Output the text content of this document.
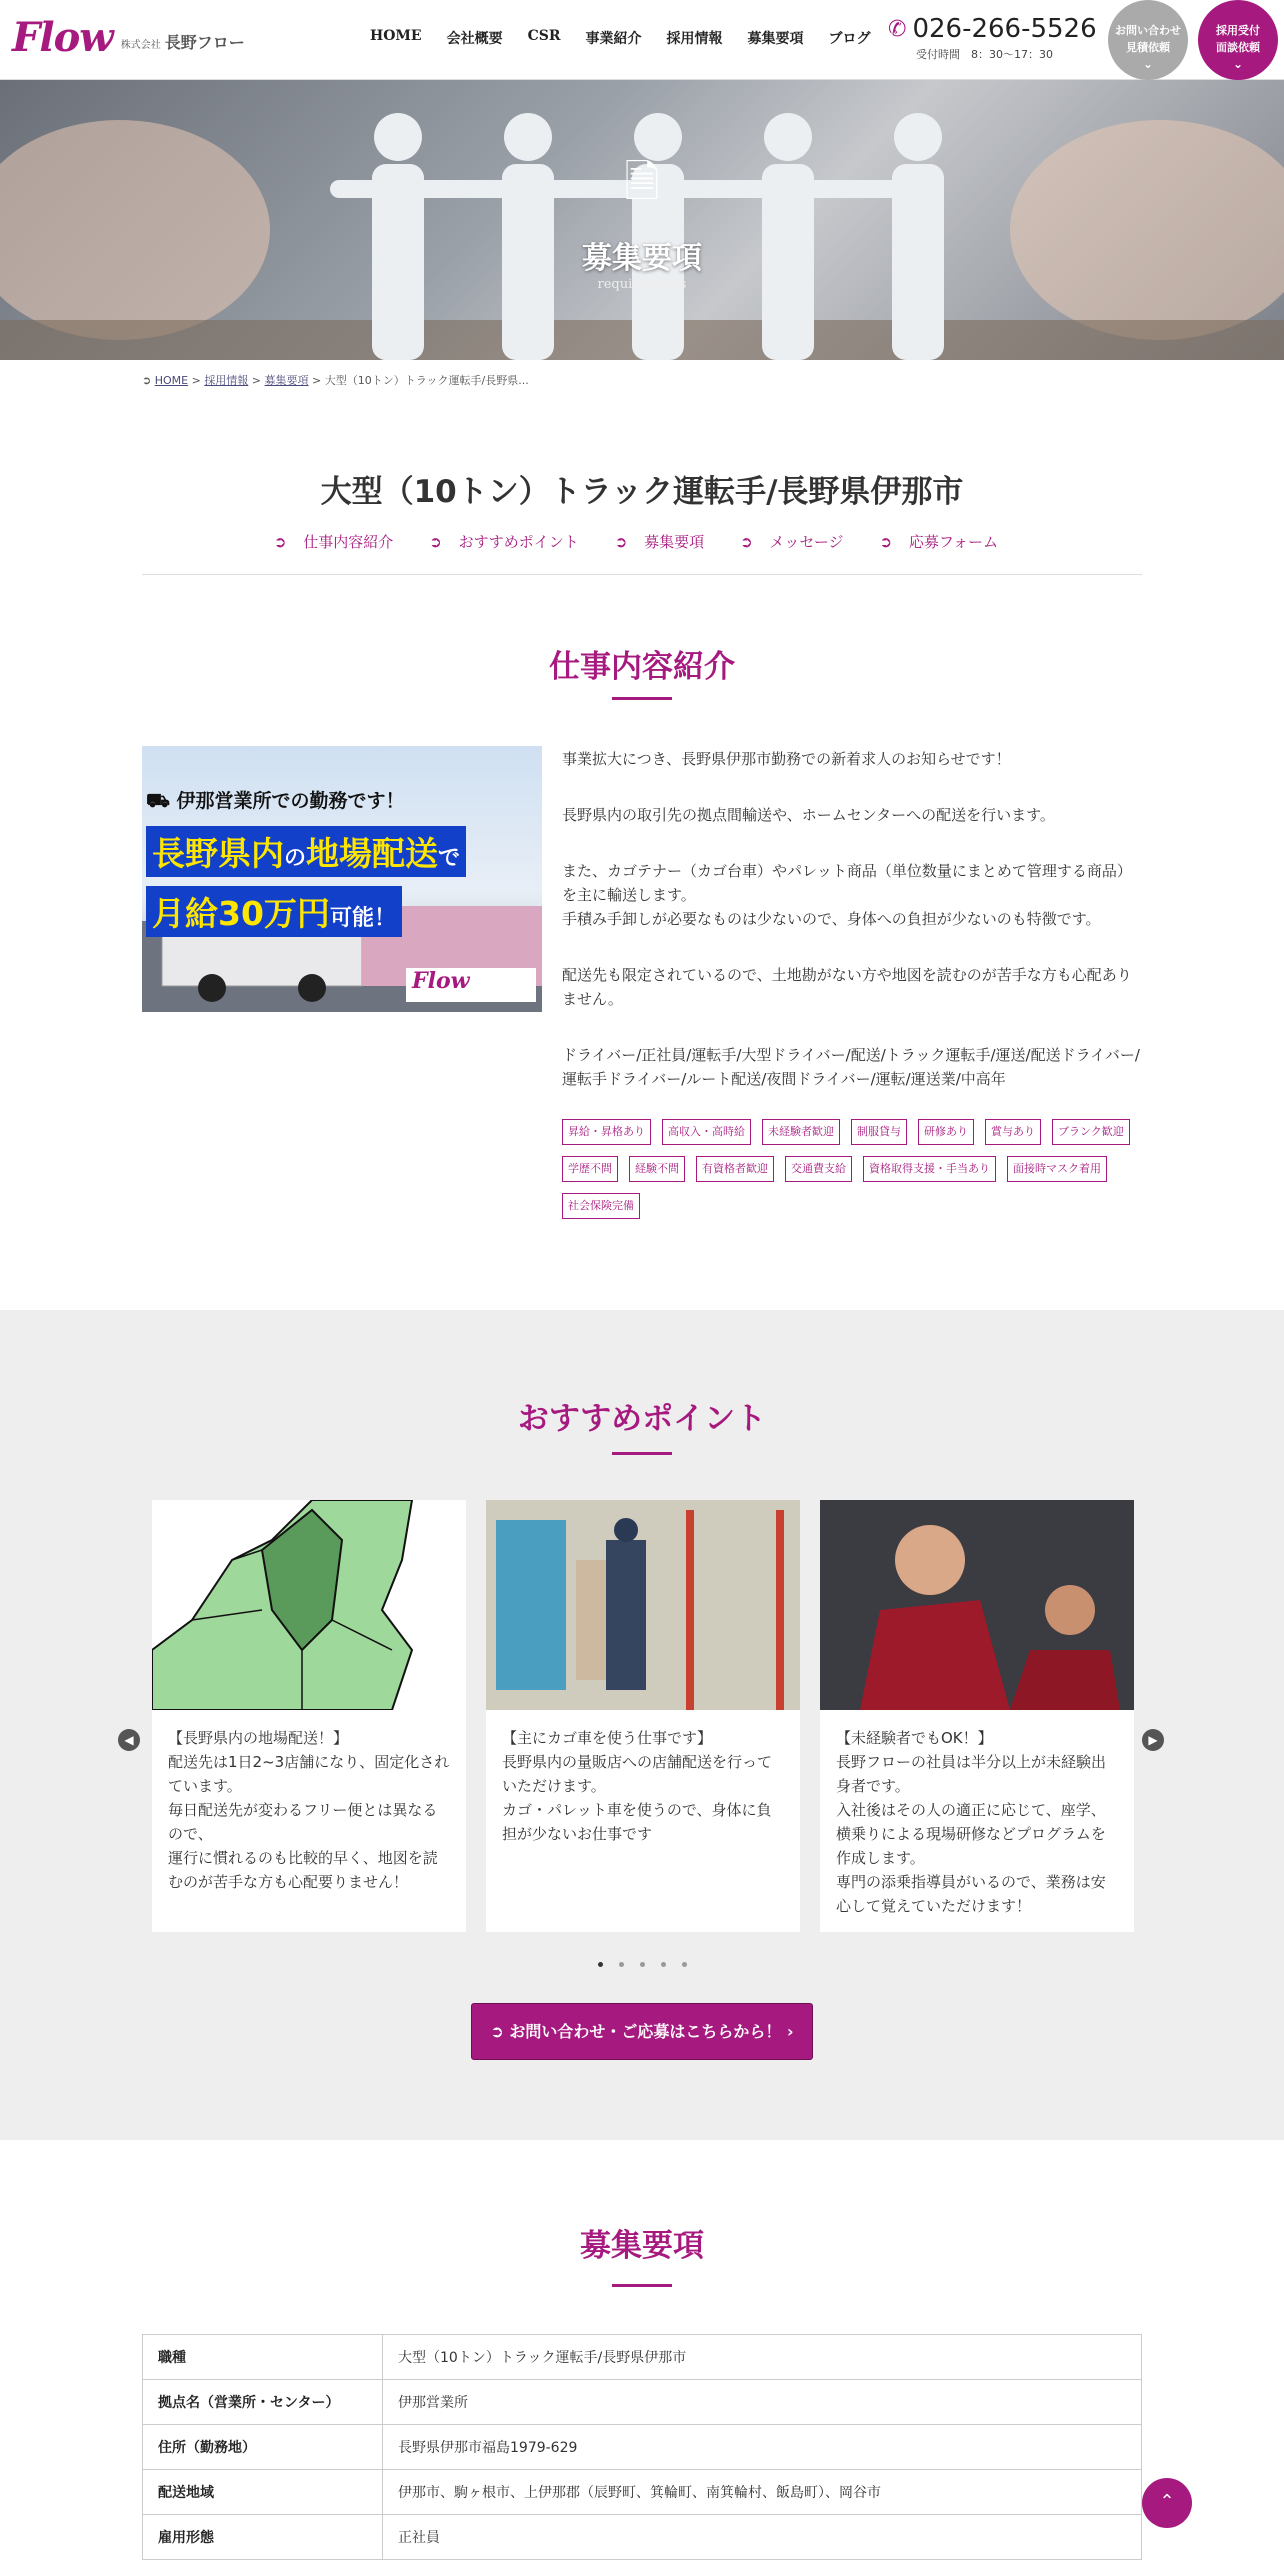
Flow 株式会社 長野フロー	HOME 会社概要 CSR 事業紹介 採用情報 募集要項 ブログ ✆ 026-266-5526
受付時間　8：30～17：30
お問い合わせ
見積依頼
⌄
採用受付
面談依頼
⌄
🗎
募集要項
requirements
➲ HOME > 採用情報 > 募集要項 > 大型（10トン）トラック運転手/長野県...
大型（10トン）トラック運転手/長野県伊那市
➲ 仕事内容紹介	➲ おすすめポイント	➲ 募集要項	➲ メッセージ	➲ 応募フォーム
仕事内容紹介
⛟ 伊那営業所での勤務です！
長野県内の地場配送で
月給30万円可能！
Flow

事業拡大につき、長野県伊那市勤務での新着求人のお知らせです！

長野県内の取引先の拠点間輸送や、ホームセンターへの配送を行います。

また、カゴテナー（カゴ台車）やパレット商品（単位数量にまとめて管理する商品）を主に輸送します。
手積み手卸しが必要なものは少ないので、身体への負担が少ないのも特徴です。

配送先も限定されているので、土地勘がない方や地図を読むのが苦手な方も心配ありません。

ドライバー/正社員/運転手/大型ドライバー/配送/トラック運転手/運送/配送ドライバー/運転手ドライバー/ルート配送/夜間ドライバー/運転/運送業/中高年

昇給・昇格あり	高収入・高時給	未経験者歓迎	制服貸与	研修あり	賞与あり	ブランク歓迎
学歴不問	経験不問	有資格者歓迎	交通費支給	資格取得支援・手当あり	面接時マスク着用
社会保険完備
おすすめポイント
◀	▶
【長野県内の地場配送！】
配送先は1日2~3店舗になり、固定化されています。
毎日配送先が変わるフリー便とは異なるので、
運行に慣れるのも比較的早く、地図を読むのが苦手な方も心配要りません！
【主にカゴ車を使う仕事です】
長野県内の量販店への店舗配送を行っていただけます。
カゴ・パレット車を使うので、身体に負担が少ないお仕事です
【未経験者でもOK！】
長野フローの社員は半分以上が未経験出身者です。
入社後はその人の適正に応じて、座学、横乗りによる現場研修などプログラムを作成します。
専門の添乗指導員がいるので、業務は安心して覚えていただけます！
➲ お問い合わせ・ご応募はこちらから！ ›
募集要項
職種	大型（10トン）トラック運転手/長野県伊那市
拠点名（営業所・センター）	伊那営業所
住所（勤務地）	長野県伊那市福島1979-629
配送地域	伊那市、駒ヶ根市、上伊那郡（辰野町、箕輪町、南箕輪村、飯島町）、岡谷市
雇用形態	正社員
⌃
